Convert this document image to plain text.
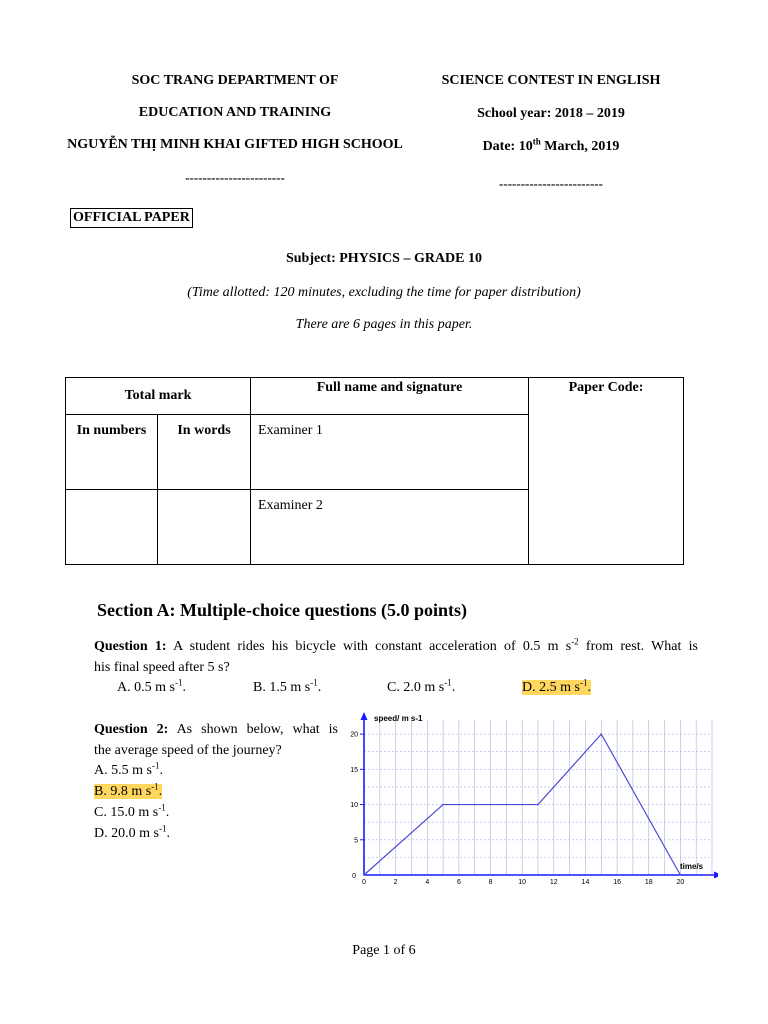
SOC TRANG DEPARTMENT OF
EDUCATION AND TRAINING
NGUYỄN THỊ MINH KHAI GIFTED HIGH SCHOOL
-----------------------
SCIENCE CONTEST IN ENGLISH
School year: 2018 – 2019
Date: 10th March, 2019
------------------------
OFFICIAL PAPER
Subject: PHYSICS – GRADE 10
(Time allotted: 120 minutes, excluding the time for paper distribution)
There are 6 pages in this paper.
Total mark		Full name and signature	Paper Code:
In numbers	In words	Examiner 1	
		Examiner 2	
Section A: Multiple-choice questions (5.0 points)
Question 1: A student rides his bicycle with constant acceleration of 0.5 m $s^{-2}$ from rest. What is
his final speed after 5 s?
A. 0.5 m $s^{-1}$.	B. 1.5 m $s^{-1}$.	C. 2.0 m $s^{-1}$.	D. 2.5 m $s^{-1}$.
Question 2: As shown below, what is
the average speed of the journey?
A. 5.5 m $s^{-1}$.
B. 9.8 m $s^{-1}$.
C. 15.0 m $s^{-1}$.
D. 20.0 m $s^{-1}$.
0	2	4	6	8	10	12	14	16	18	20
0
5
10
15
20
speed/ m s-1
time/s
Page 1 of 6
